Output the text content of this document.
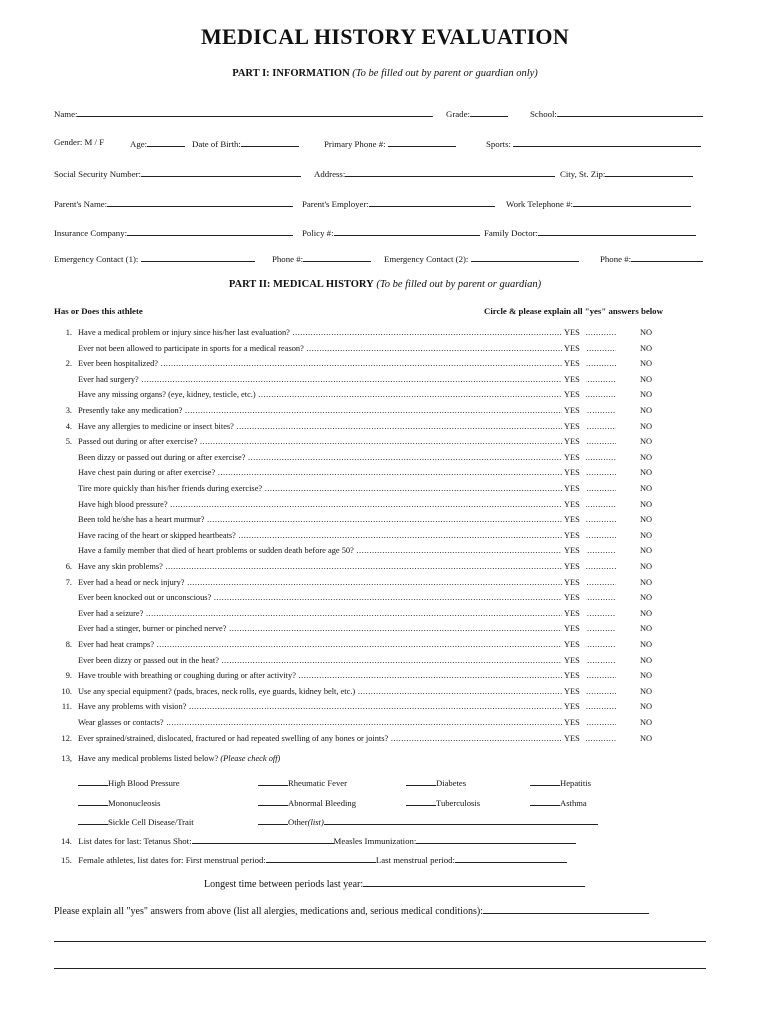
MEDICAL HISTORY EVALUATION
PART I: INFORMATION (To be filled out by parent or guardian only)
Name:	Grade:	School:
Gender: M / F	Age:	Date of Birth:	Primary Phone #:	Sports:
Social Security Number:	Address:	City, St. Zip:
Parent's Name:	Parent's Employer:	Work Telephone #:
Insurance Company:	Policy #:	Family Doctor:
Emergency Contact (1):	Phone #:	Emergency Contact (2):	Phone #:
PART II: MEDICAL HISTORY (To be filled out by parent or guardian)
Has or Does this athlete	Circle & please explain all "yes" answers below
1. Have a medical problem or injury since his/her last evaluation? .....	YES	NO
Ever not been allowed to participate in sports for a medical reason? .....	YES	NO
2. Ever been hospitalized? .....	YES	NO
Ever had surgery? .....	YES	NO
Have any missing organs? (eye, kidney, testicle, etc.) .....	YES	NO
3. Presently take any medication? .....	YES	NO
4. Have any allergies to medicine or insect bites? .....	YES	NO
5. Passed out during or after exercise? .....	YES	NO
Been dizzy or passed out during or after exercise? .....	YES	NO
Have chest pain during or after exercise? .....	YES	NO
Tire more quickly than his/her friends during exercise? .....	YES	NO
Have high blood pressure? .....	YES	NO
Been told he/she has a heart murmur? .....	YES	NO
Have racing of the heart or skipped heartbeats? .....	YES	NO
Have a family member that died of heart problems or sudden death before age 50? .....	YES	NO
6. Have any skin problems? .....	YES	NO
7. Ever had a head or neck injury? .....	YES	NO
Ever been knocked out or unconscious? .....	YES	NO
Ever had a seizure? .....	YES	NO
Ever had a stinger, burner or pinched nerve? .....	YES	NO
8. Ever had heat cramps? .....	YES	NO
Ever been dizzy or passed out in the heat? .....	YES	NO
9. Have trouble with breathing or coughing during or after activity? .....	YES	NO
10. Use any special equipment? (pads, braces, neck rolls, eye guards, kidney belt, etc.) .....	YES	NO
11. Have any problems with vision? .....	YES	NO
Wear glasses or contacts? .....	YES	NO
12. Ever sprained/strained, dislocated, fractured or had repeated swelling of any bones or joints? .....	YES	NO
13, Have any medical problems listed below? (Please check off)
High Blood Pressure	Rheumatic Fever	Diabetes	Hepatitis
Mononucleosis	Abnormal Bleeding	Tuberculosis	Asthma
Sickle Cell Disease/Trait	Other(list)
14. List dates for last: Tetanus Shot:	Measles Immunization:
15. Female athletes, list dates for: First menstrual period:	Last menstrual period:
Longest time between periods last year:
Please explain all "yes" answers from above (list all alergies, medications and, serious medical conditions):
